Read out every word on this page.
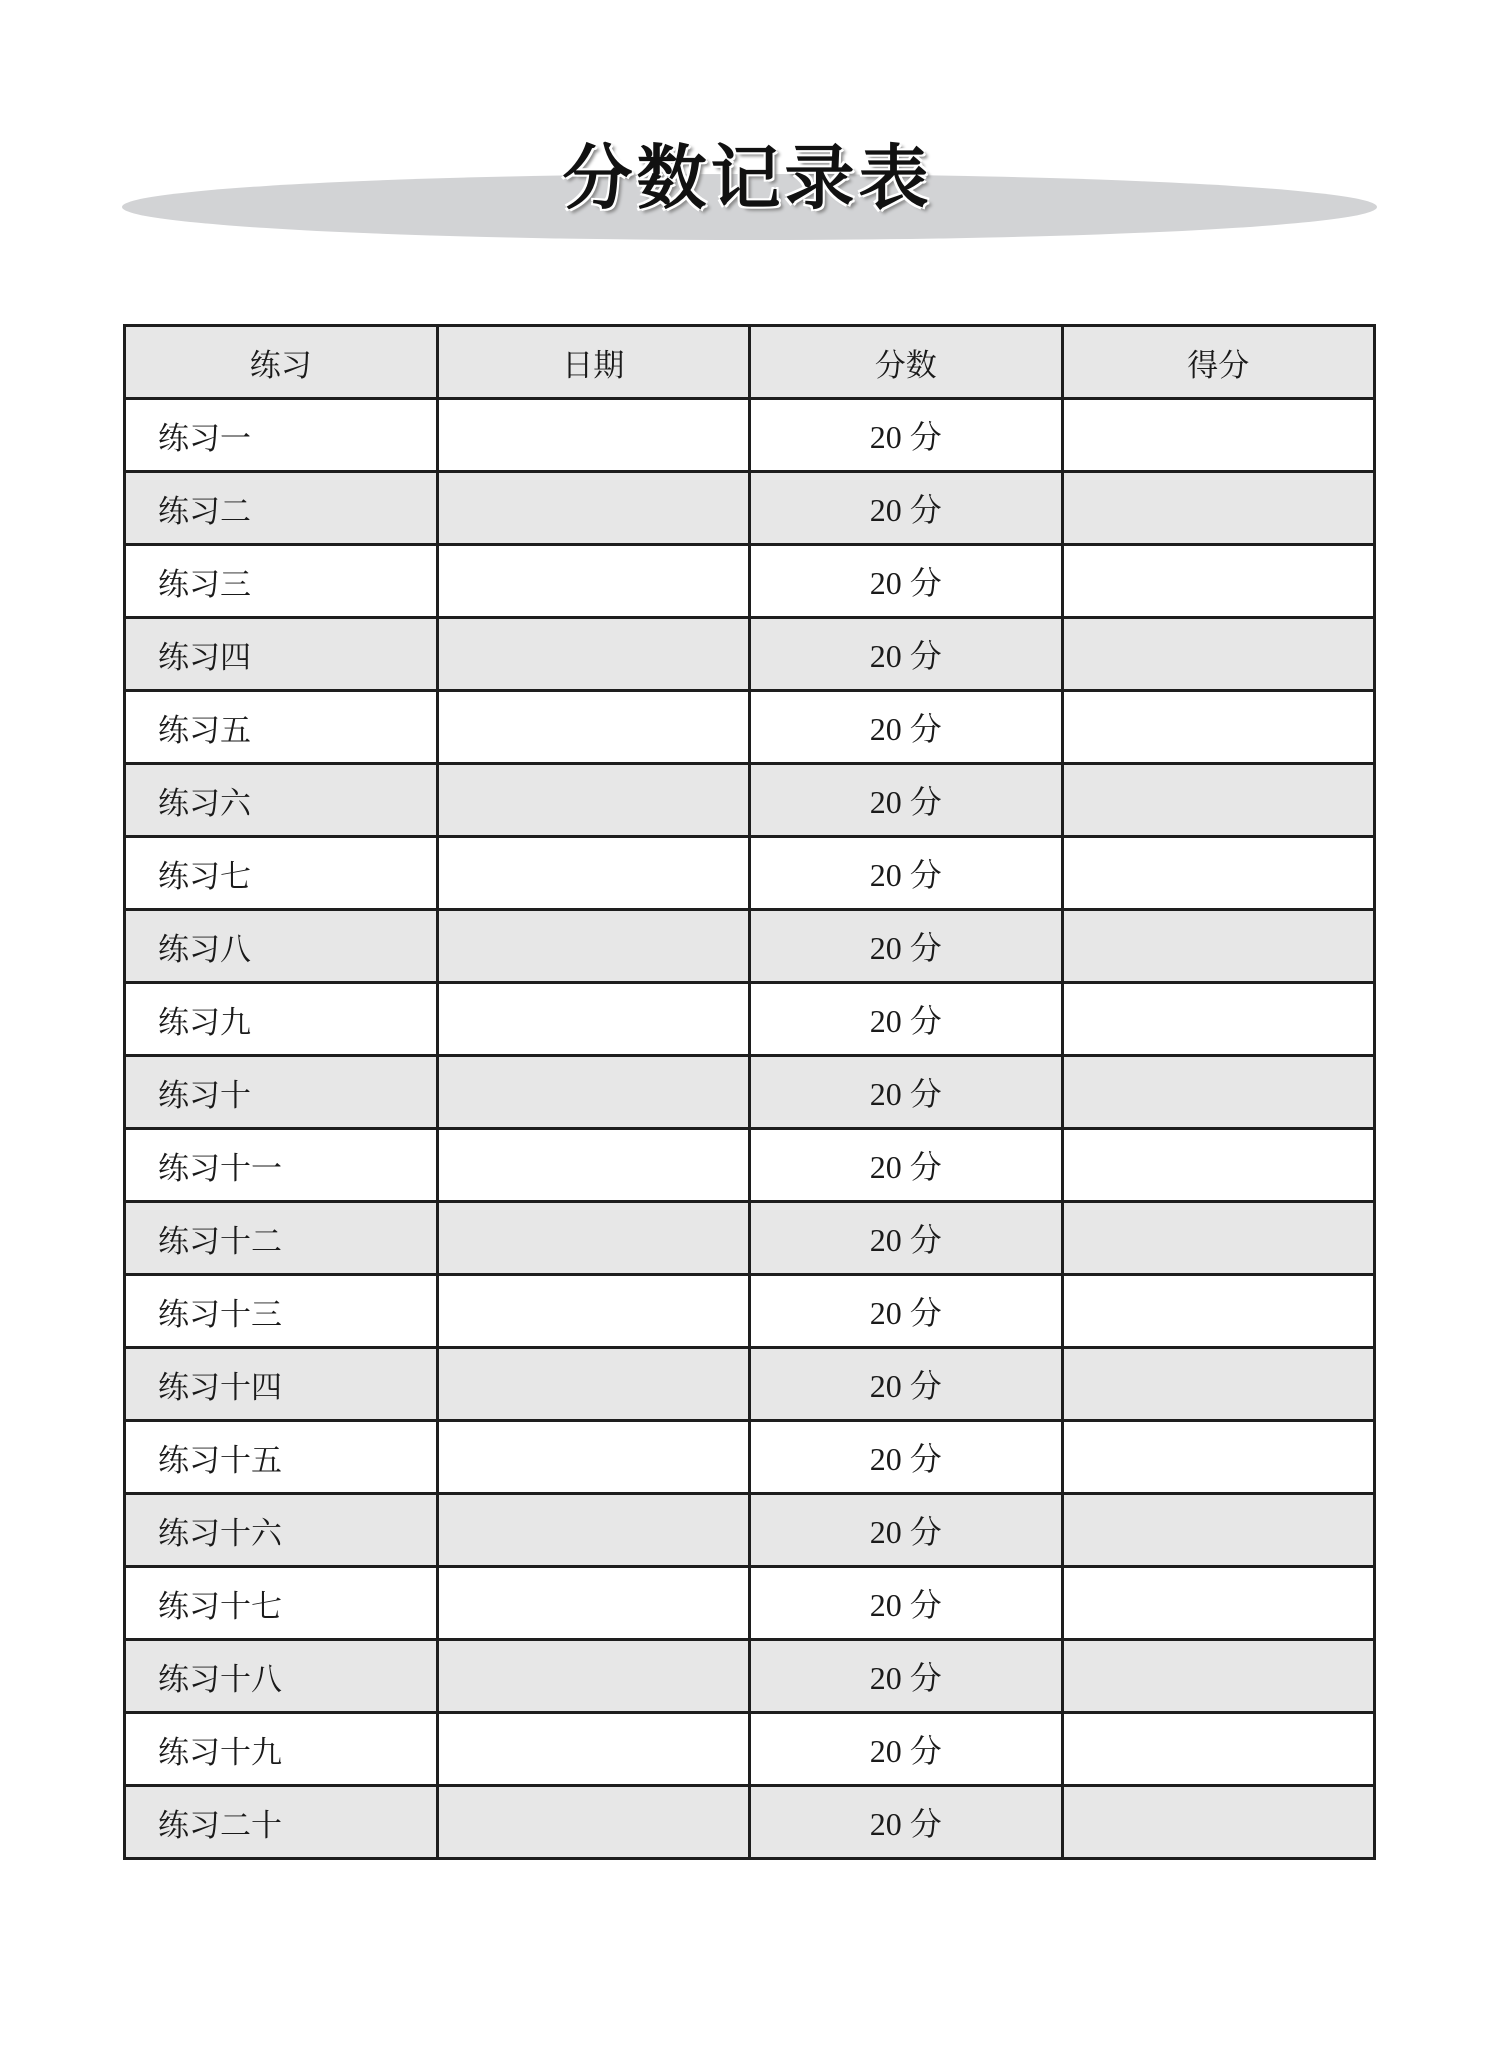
分数记录表
练习	日期	分数	得分
练习一		20 分	
练习二		20 分	
练习三		20 分	
练习四		20 分	
练习五		20 分	
练习六		20 分	
练习七		20 分	
练习八		20 分	
练习九		20 分	
练习十		20 分	
练习十一		20 分	
练习十二		20 分	
练习十三		20 分	
练习十四		20 分	
练习十五		20 分	
练习十六		20 分	
练习十七		20 分	
练习十八		20 分	
练习十九		20 分	
练习二十		20 分	
